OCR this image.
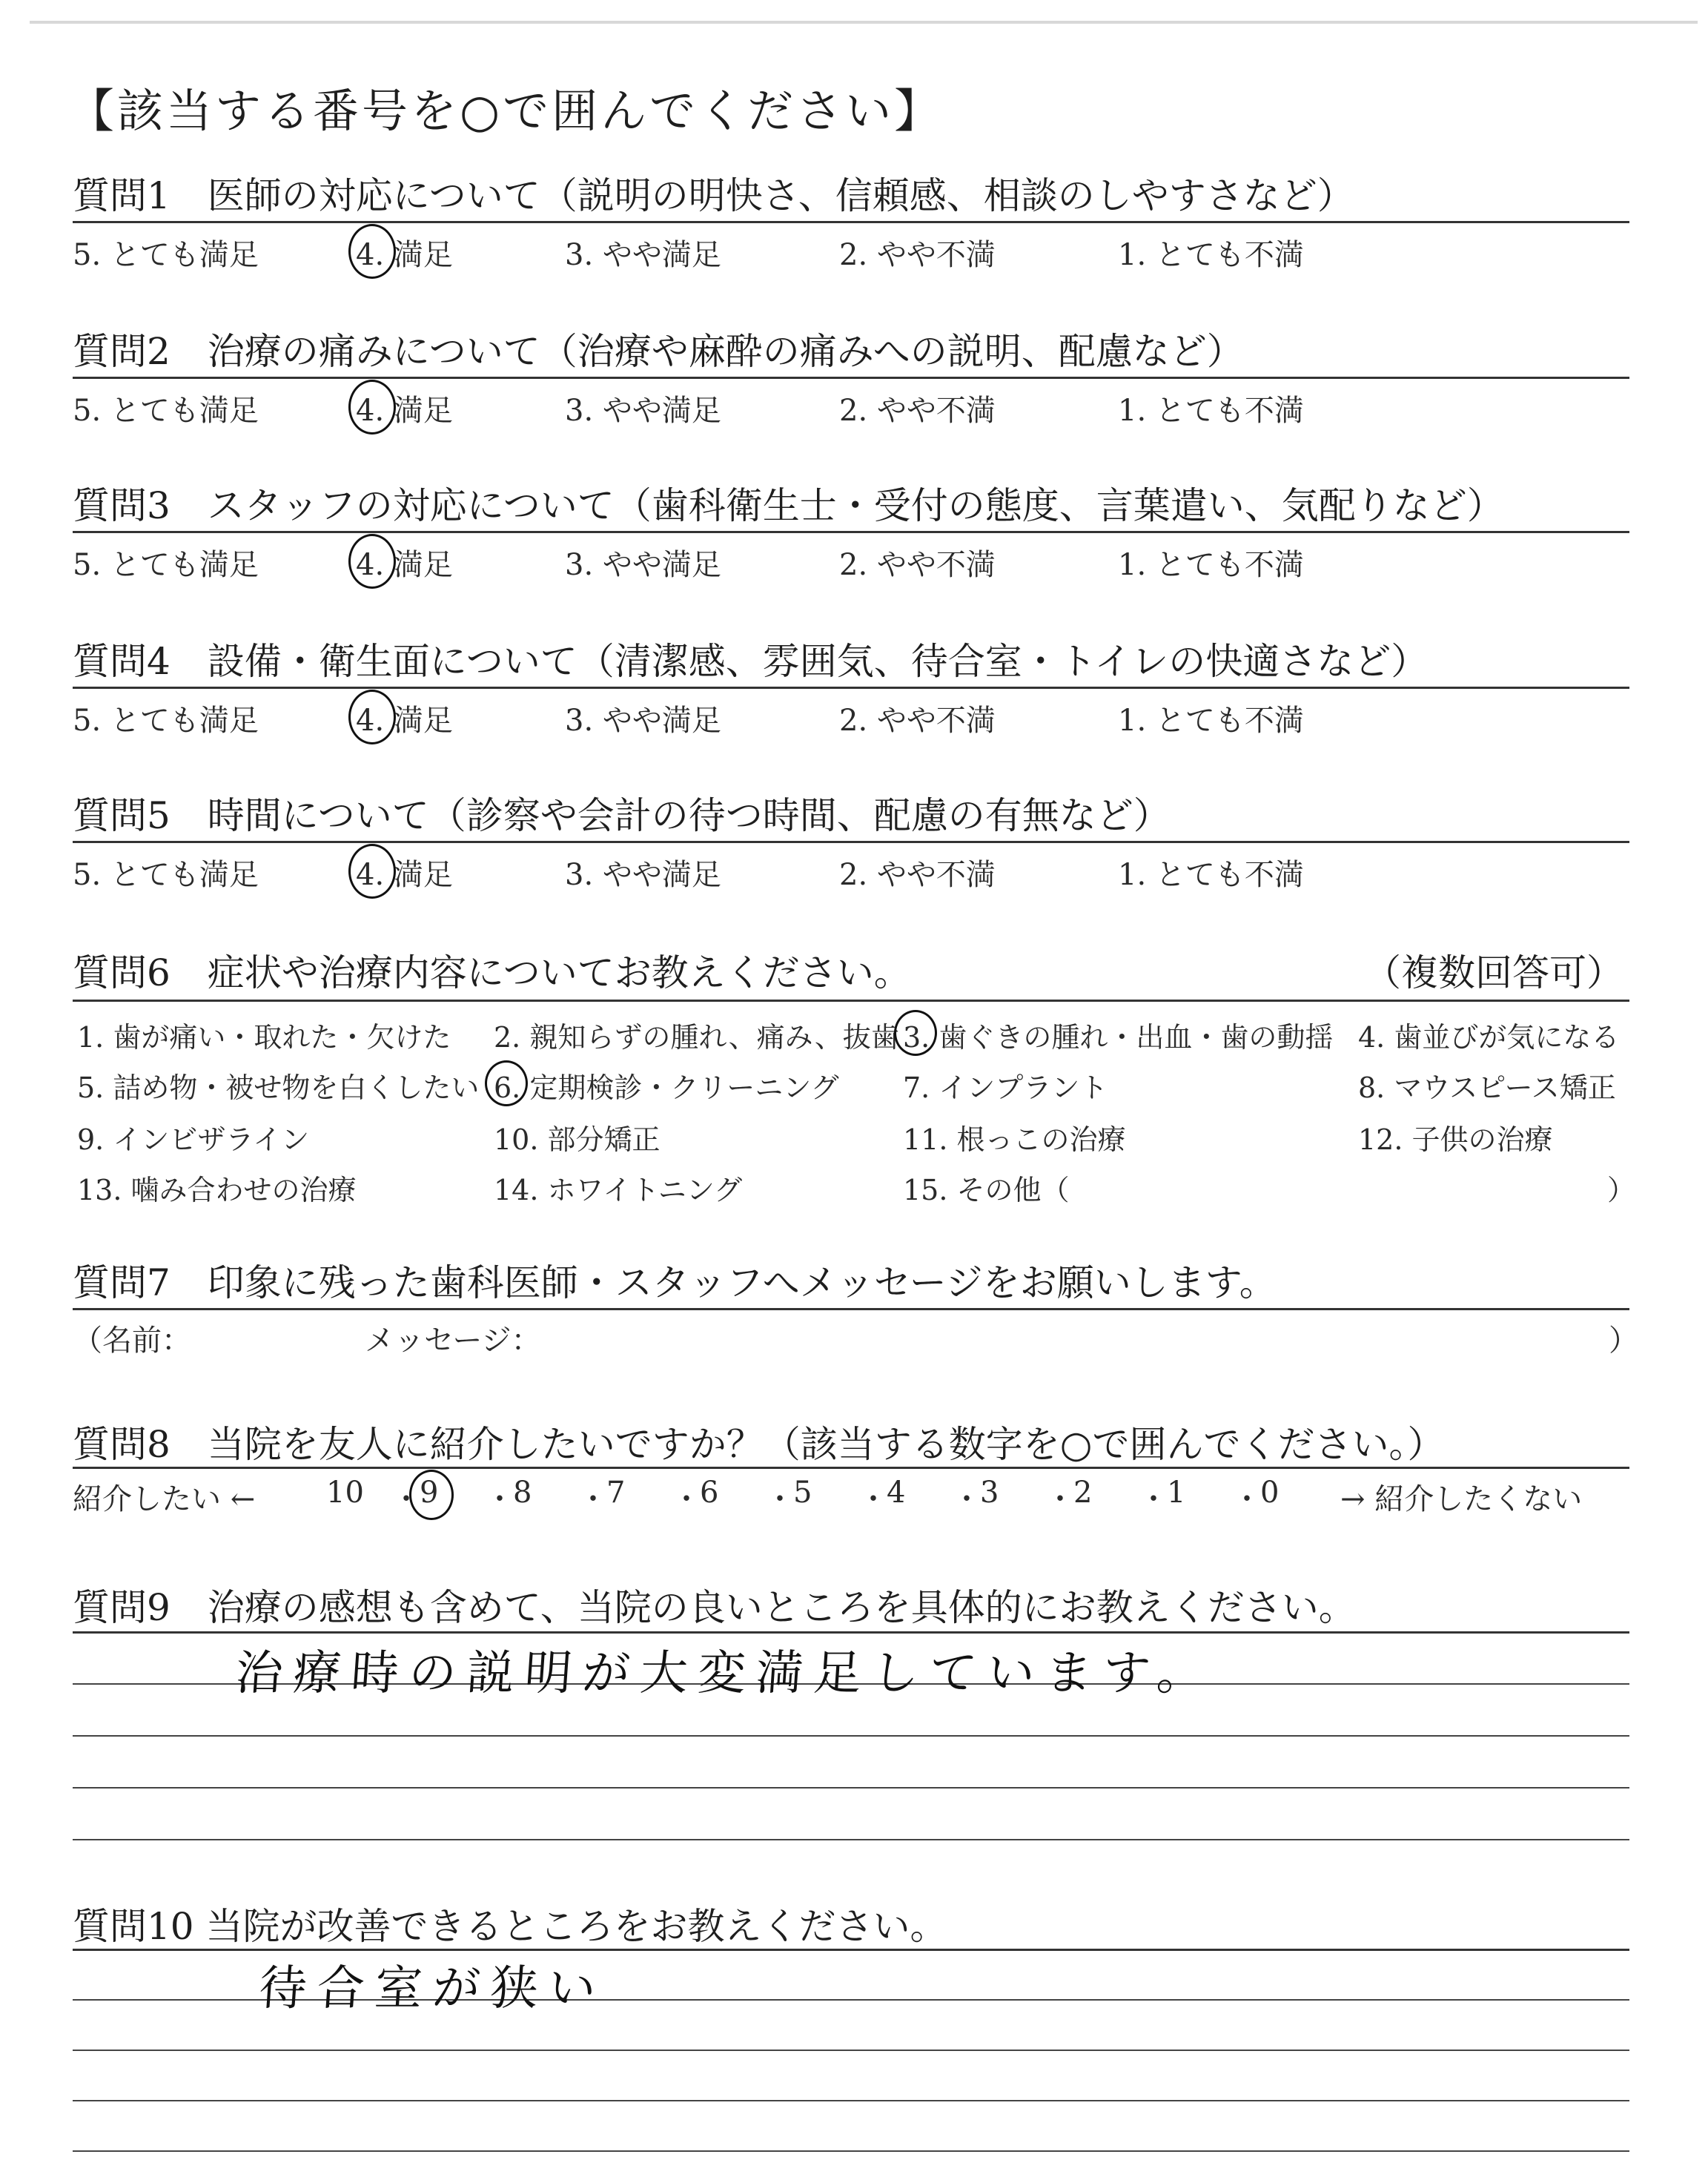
【該当する番号を○で囲んでください】
質問1　医師の対応について（説明の明快さ、信頼感、相談のしやすさなど）
5. とても満足	4. 満足	3. やや満足	2. やや不満	1. とても不満
質問2　治療の痛みについて（治療や麻酔の痛みへの説明、配慮など）
5. とても満足	4. 満足	3. やや満足	2. やや不満	1. とても不満
質問3　スタッフの対応について（歯科衛生士・受付の態度、言葉遣い、気配りなど）
5. とても満足	4. 満足	3. やや満足	2. やや不満	1. とても不満
質問4　設備・衛生面について（清潔感、雰囲気、待合室・トイレの快適さなど）
5. とても満足	4. 満足	3. やや満足	2. やや不満	1. とても不満
質問5　時間について（診察や会計の待つ時間、配慮の有無など）
5. とても満足	4. 満足	3. やや満足	2. やや不満	1. とても不満
質問6　症状や治療内容についてお教えください。	（複数回答可）
1. 歯が痛い・取れた・欠けた 2. 親知らずの腫れ、痛み、抜歯 3. 歯ぐきの腫れ・出血・歯の動揺 4. 歯並びが気になる
5. 詰め物・被せ物を白くしたい 6. 定期検診・クリーニング 7. インプラント	8. マウスピース矯正
9. インビザライン	10. 部分矯正	11. 根っこの治療	12. 子供の治療
13. 噛み合わせの治療	14. ホワイトニング	15. その他（	）
質問7　印象に残った歯科医師・スタッフへメッセージをお願いします。
（名前：	メッセージ：	）
質問8　当院を友人に紹介したいですか？（該当する数字を○で囲んでください。）
紹介したい ←	→ 紹介したくない
10 ・
9 ・
8 ・
7 ・
6 ・
5 ・
4 ・
3 ・
2 ・
1 ・
0
質問9　治療の感想も含めて、当院の良いところを具体的にお教えください。
治療時の説明が大変満足しています。
質問10 当院が改善できるところをお教えください。
待合室が狭い
